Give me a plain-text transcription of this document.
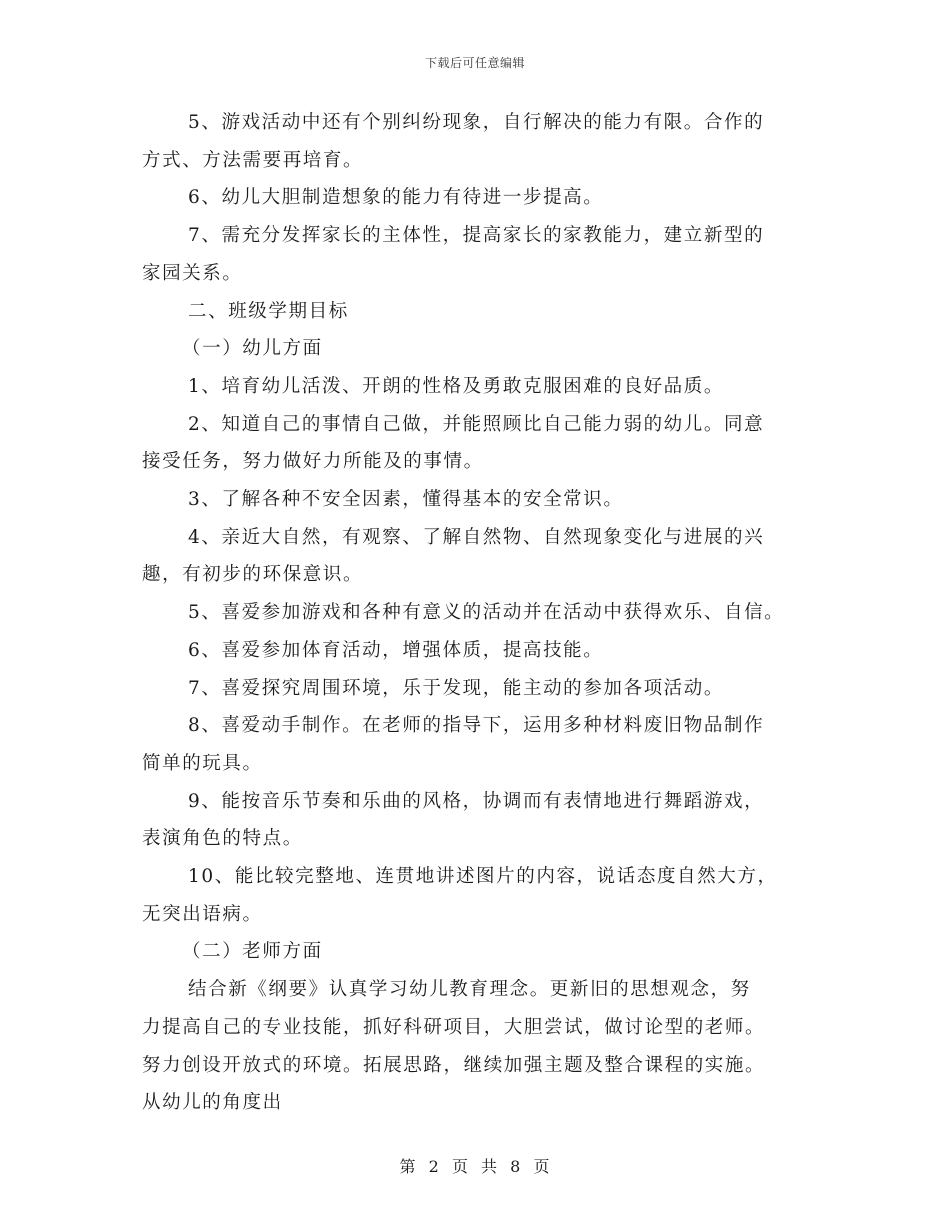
下载后可任意编辑
5、游戏活动中还有个别纠纷现象，自行解决的能力有限。合作的
方式、方法需要再培育。
6、幼儿大胆制造想象的能力有待进一步提高。
7、需充分发挥家长的主体性，提高家长的家教能力，建立新型的
家园关系。
二、班级学期目标
（一）幼儿方面
1、培育幼儿活泼、开朗的性格及勇敢克服困难的良好品质。
2、知道自己的事情自己做，并能照顾比自己能力弱的幼儿。同意
接受任务，努力做好力所能及的事情。
3、了解各种不安全因素，懂得基本的安全常识。
4、亲近大自然，有观察、了解自然物、自然现象变化与进展的兴
趣，有初步的环保意识。
5、喜爱参加游戏和各种有意义的活动并在活动中获得欢乐、自信。
6、喜爱参加体育活动，增强体质，提高技能。
7、喜爱探究周围环境，乐于发现，能主动的参加各项活动。
8、喜爱动手制作。在老师的指导下，运用多种材料废旧物品制作
简单的玩具。
9、能按音乐节奏和乐曲的风格，协调而有表情地进行舞蹈游戏，
表演角色的特点。
10、能比较完整地、连贯地讲述图片的内容，说话态度自然大方，
无突出语病。
（二）老师方面
结合新《纲要》认真学习幼儿教育理念。更新旧的思想观念，努
力提高自己的专业技能，抓好科研项目，大胆尝试，做讨论型的老师。
努力创设开放式的环境。拓展思路，继续加强主题及整合课程的实施。
从幼儿的角度出
第 2 页 共 8 页
